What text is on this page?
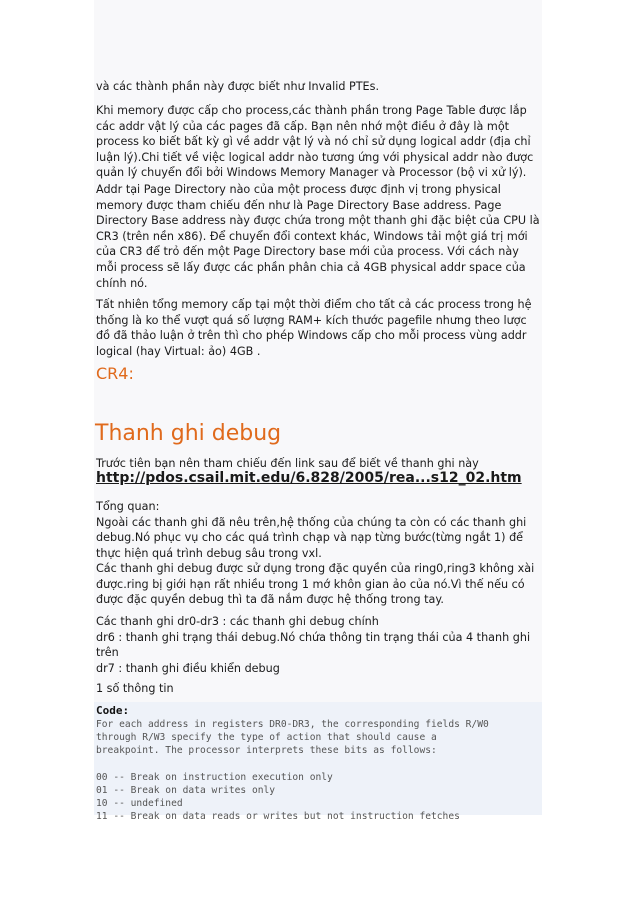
và các thành phần này được biết như Invalid PTEs.

Khi memory được cấp cho process,các thành phần trong Page Table được lắp các addr vật lý của các pages đã cấp. Bạn nên nhớ một điều ở đây là một process ko biết bất kỳ gì về addr vật lý và nó chỉ sử dụng logical addr (địa chỉ luận lý).Chi tiết về việc logical addr nào tương ứng với physical addr nào được quản lý chuyển đổi bởi Windows Memory Manager và Processor (bộ vi xử lý).

Addr tại Page Directory nào của một process được định vị trong physical memory được tham chiếu đến như là Page Directory Base address. Page Directory Base address này được chứa trong một thanh ghi đặc biệt của CPU là CR3 (trên nền x86). Để chuyển đổi context khác, Windows tải một giá trị mới của CR3 để trỏ đến một Page Directory base mới của process. Với cách này mỗi process sẽ lấy được các phần phân chia cả 4GB physical addr space của chính nó.

Tất nhiên tổng memory cấp tại một thời điểm cho tất cả các process trong hệ thống là ko thể vượt quá số lượng RAM+ kích thước pagefile nhưng theo lược đồ đã thảo luận ở trên thì cho phép Windows cấp cho mỗi process vùng addr logical (hay Virtual: ảo) 4GB .

CR4:
Thanh ghi debug

Trước tiên bạn nên tham chiếu đến link sau để biết về thanh ghi này

http://pdos.csail.mit.edu/6.828/2005/rea...s12_02.htm

Tổng quan:
Ngoài các thanh ghi đã nêu trên,hệ thống của chúng ta còn có các thanh ghi debug.Nó phục vụ cho các quá trình chạp và nạp từng bước(từng ngắt 1) để thực hiện quá trình debug sâu trong vxl.

Các thanh ghi debug được sử dụng trong đặc quyền của ring0,ring3 không xài được.ring bị giới hạn rất nhiều trong 1 mớ khôn gian ảo của nó.Vì thế nếu có được đặc quyền debug thì ta đã nắm được hệ thống trong tay.

Các thanh ghi dr0-dr3 : các thanh ghi debug chính
dr6 : thanh ghi trạng thái debug.Nó chứa thông tin trạng thái của 4 thanh ghi trên
dr7 : thanh ghi điều khiển debug

1 số thông tin

Code:

For each address in registers DR0-DR3, the corresponding fields R/W0
through R/W3 specify the type of action that should cause a
breakpoint. The processor interprets these bits as follows:

00 -- Break on instruction execution only
01 -- Break on data writes only
10 -- undefined
11 -- Break on data reads or writes but not instruction fetches
